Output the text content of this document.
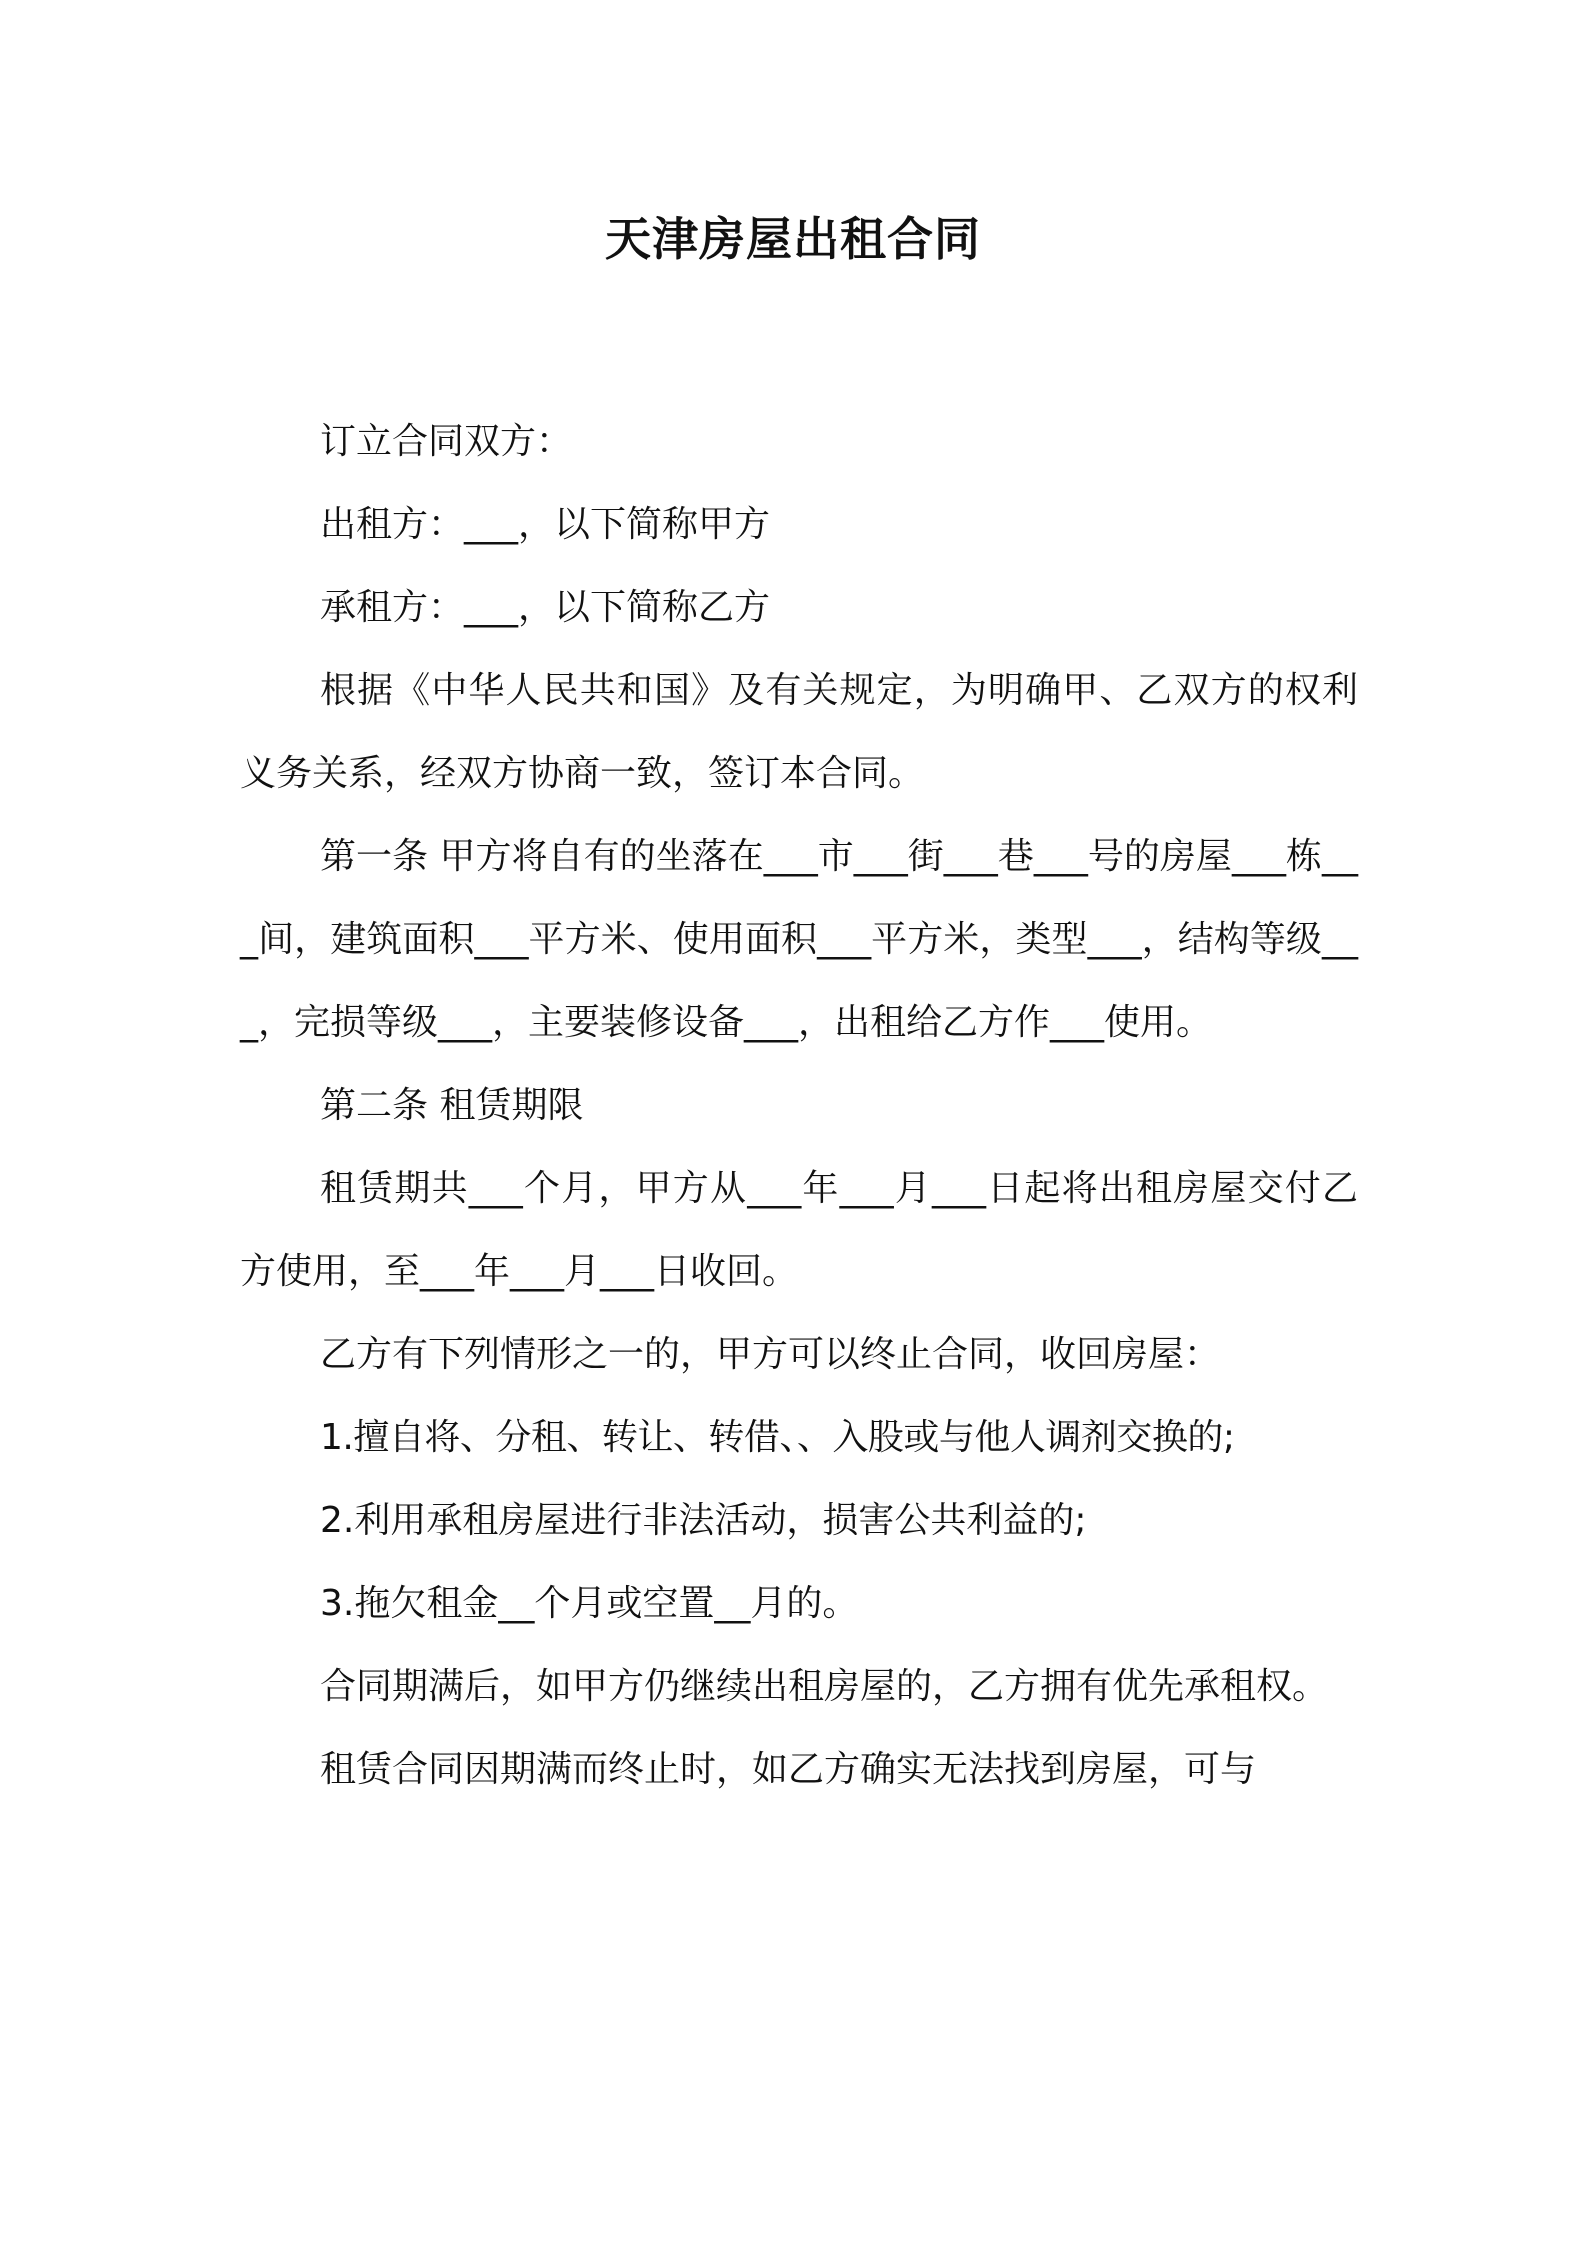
天津房屋出租合同

订立合同双方：

出租方：___，以下简称甲方

承租方：___，以下简称乙方

根据《中华人民共和国》及有关规定，为明确甲、乙双方的权利义务关系，经双方协商一致，签订本合同。

第一条 甲方将自有的坐落在___市___街___巷___号的房屋___栋___间，建筑面积___平方米、使用面积___平方米，类型___，结构等级___，完损等级___，主要装修设备___，出租给乙方作___使用。

第二条 租赁期限

租赁期共___个月，甲方从___年___月___日起将出租房屋交付乙方使用，至___年___月___日收回。

乙方有下列情形之一的，甲方可以终止合同，收回房屋：

1.擅自将、分租、转让、转借、、入股或与他人调剂交换的;

2.利用承租房屋进行非法活动，损害公共利益的;

3.拖欠租金__个月或空置__月的。

合同期满后，如甲方仍继续出租房屋的，乙方拥有优先承租权。

租赁合同因期满而终止时，如乙方确实无法找到房屋，可与
